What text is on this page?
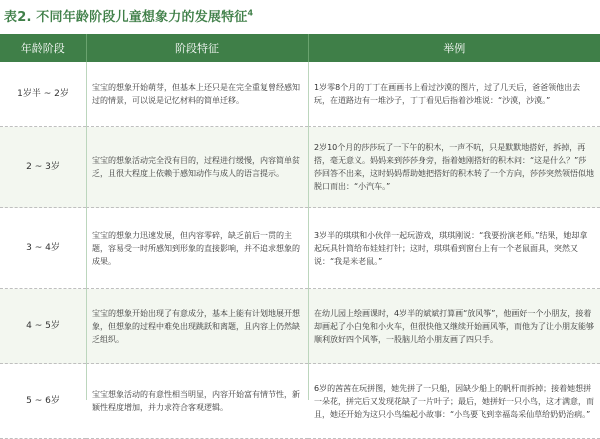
表2. 不同年龄阶段儿童想象力的发展特征$^4$
年龄阶段	阶段特征	举例
1岁半 ~ 2岁	宝宝的想象开始萌芽，但基本上还只是在完全重复曾经感知过的情景，可以说是记忆材料的简单迁移。	1岁零8个月的丁丁在画画书上看过沙漠的图片，过了几天后，爸爸领他出去玩，在道路边有一堆沙子，丁丁看见后指着沙堆说：“沙漠，沙漠。”
2 ~ 3岁	宝宝的想象活动完全没有目的，过程进行缓慢，内容简单贫乏，且很大程度上依赖于感知动作与成人的语言提示。	2岁10个月的莎莎玩了一下午的积木，一声不吭，只是默默地搭好，拆掉，再搭，毫无意义。妈妈来到莎莎身旁，指着她刚搭好的积木问：“这是什么？”莎莎回答不出来，这时妈妈帮助她把搭好的积木转了一个方向，莎莎突然领悟似地脱口而出：“小汽车。”
3 ~ 4岁	宝宝的想象力迅速发展，但内容零碎，缺乏前后一贯的主题，容易受一时所感知到形象的直接影响，并不追求想象的成果。	3岁半的琪琪和小伙伴一起玩游戏，琪琪刚说：“我要扮演老师。”结果，她却拿起玩具针筒给布娃娃打针；这时，琪琪看到窗台上有一个老鼠面具，突然又说：“我是米老鼠。”
4 ~ 5岁	宝宝的想象开始出现了有意成分，基本上能有计划地展开想象，但想象的过程中难免出现跳跃和离题，且内容上仍然缺乏组织。	在幼儿园上绘画课时，4岁半的斌斌打算画“放风筝”，他画好一个小朋友，接着却画起了小白兔和小火车，但很快他又继续开始画风筝，而他为了让小朋友能够顺利放好四个风筝，一股脑儿给小朋友画了四只手。
5 ~ 6岁	宝宝想象活动的有意性相当明显，内容开始富有情节性，新颖性程度增加，并力求符合客观逻辑。	6岁的茜茜在玩拼图，她先拼了一只船，因缺少船上的帆杆而拆掉；接着她想拼一朵花，拼完后又发现花缺了一片叶子；最后，她拼好一只小鸟，这才满意，而且，她还开始为这只小鸟编起小故事：“小鸟要飞到幸福岛采仙草给奶奶治病。”
